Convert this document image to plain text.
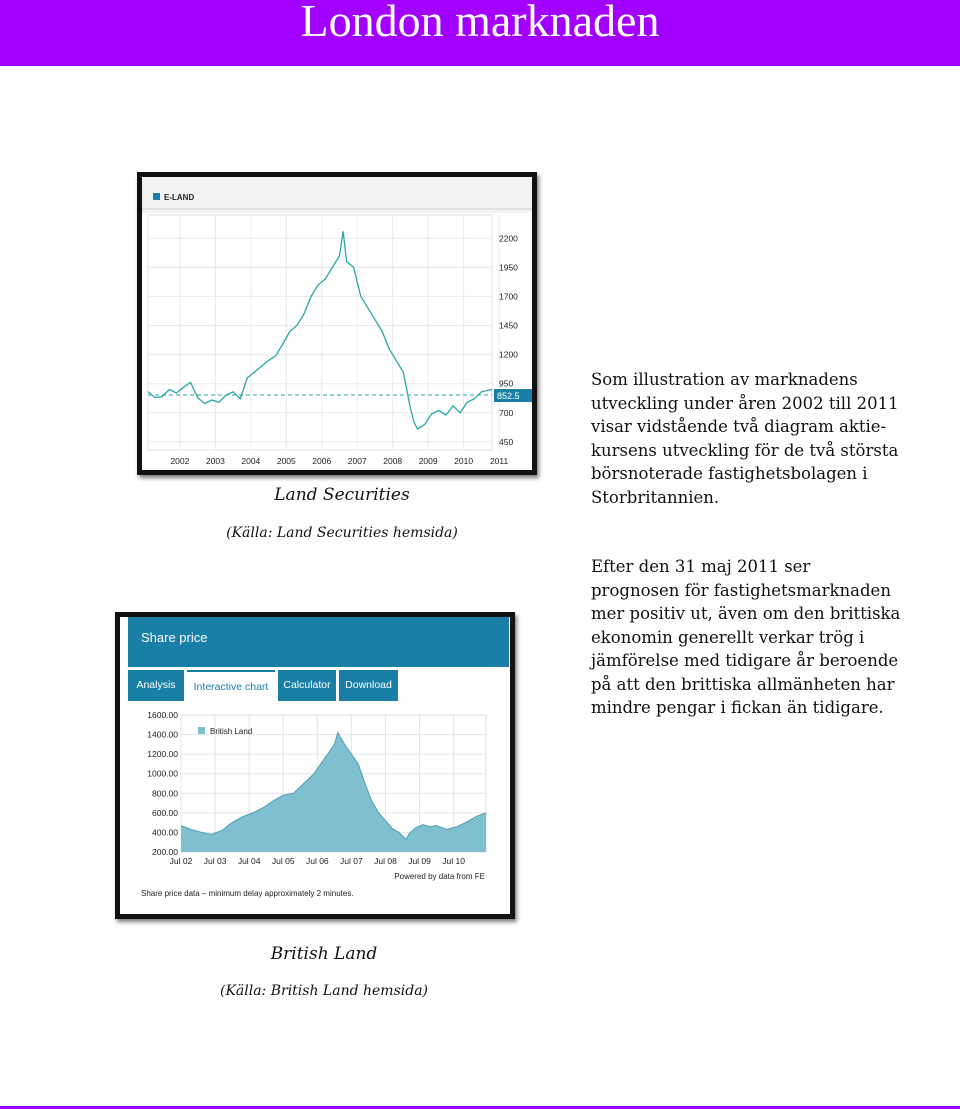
London marknaden
E-LAND
2002 2003 2004 2005 2006 2007 2008 2009 2010 2011
2200
1950
1700
1450
1200
950
700
450
852.5
Land Securities
(Källa: Land Securities hemsida)
Som illustration av marknadens
utveckling under åren 2002 till 2011
visar vidstående två diagram aktie-
kursens utveckling för de två största
börsnoterade fastighetsbolagen i
Storbritannien.
Efter den 31 maj 2011 ser
prognosen för fastighetsmarknaden
mer positiv ut, även om den brittiska
ekonomin generellt verkar trög i
jämförelse med tidigare år beroende
på att den brittiska allmänheten har
mindre pengar i fickan än tidigare.
Share price
Analysis	Interactive chart	Calculator	Download
1600.00
1400.00
1200.00
1000.00
800.00
600.00
400.00
200.00
Jul 02 Jul 03 Jul 04 Jul 05 Jul 06 Jul 07 Jul 08 Jul 09 Jul 10
British Land
Powered by data from FE
Share price data – minimum delay approximately 2 minutes.
British Land
(Källa: British Land hemsida)
